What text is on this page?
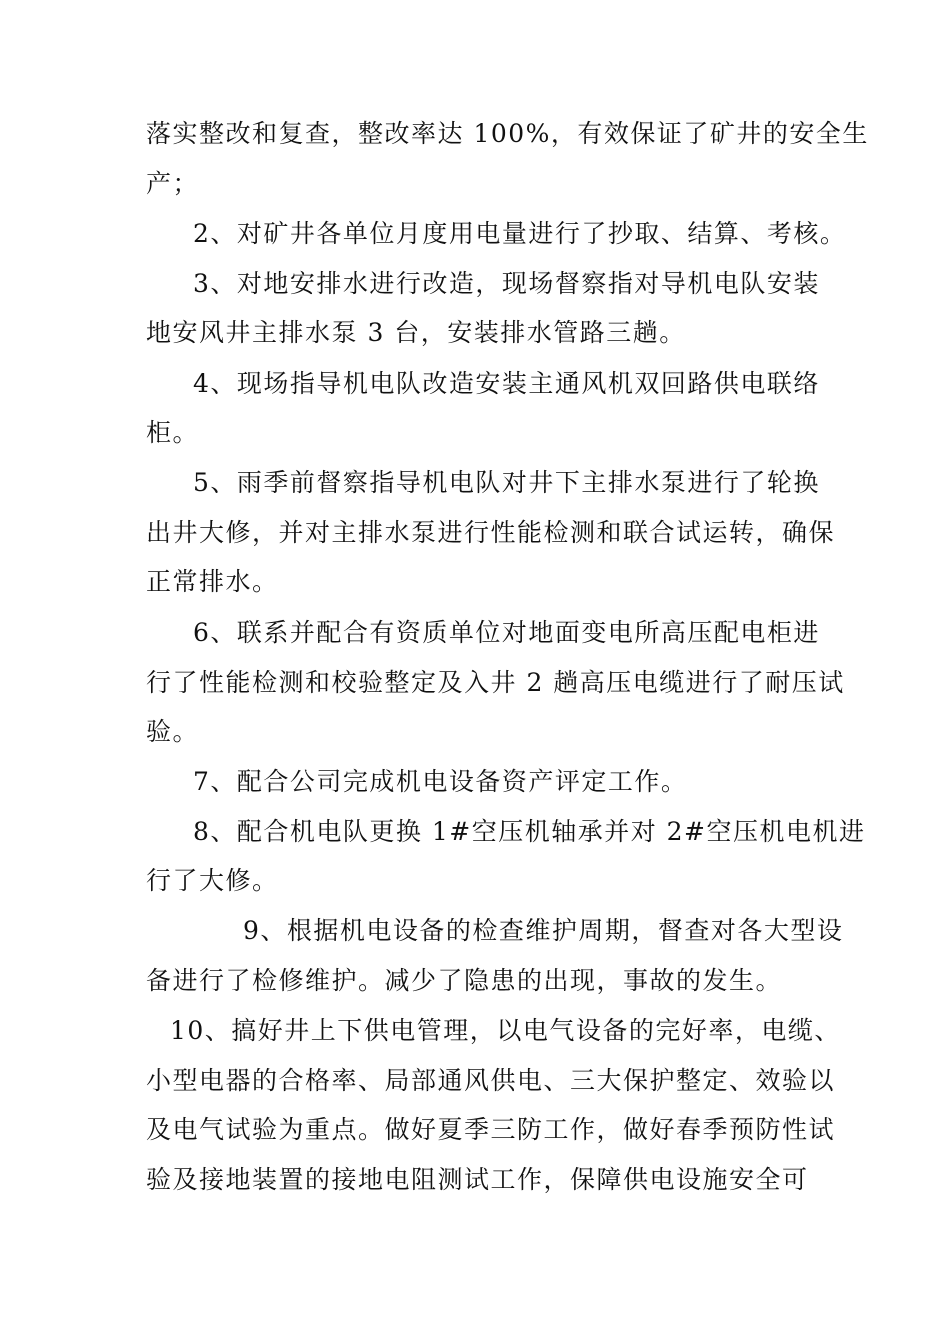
落实整改和复查，整改率达 100%，有效保证了矿井的安全生
产；
2、对矿井各单位月度用电量进行了抄取、结算、考核。
3、对地安排水进行改造，现场督察指对导机电队安装
地安风井主排水泵 3 台，安装排水管路三趟。
4、现场指导机电队改造安装主通风机双回路供电联络
柜。
5、雨季前督察指导机电队对井下主排水泵进行了轮换
出井大修，并对主排水泵进行性能检测和联合试运转，确保
正常排水。
6、联系并配合有资质单位对地面变电所高压配电柜进
行了性能检测和校验整定及入井 2 趟高压电缆进行了耐压试
验。
7、配合公司完成机电设备资产评定工作。
8、配合机电队更换 1#空压机轴承并对 2#空压机电机进
行了大修。
9、根据机电设备的检查维护周期，督查对各大型设
备进行了检修维护。减少了隐患的出现，事故的发生。
10、搞好井上下供电管理，以电气设备的完好率，电缆、
小型电器的合格率、局部通风供电、三大保护整定、效验以
及电气试验为重点。做好夏季三防工作，做好春季预防性试
验及接地装置的接地电阻测试工作，保障供电设施安全可
